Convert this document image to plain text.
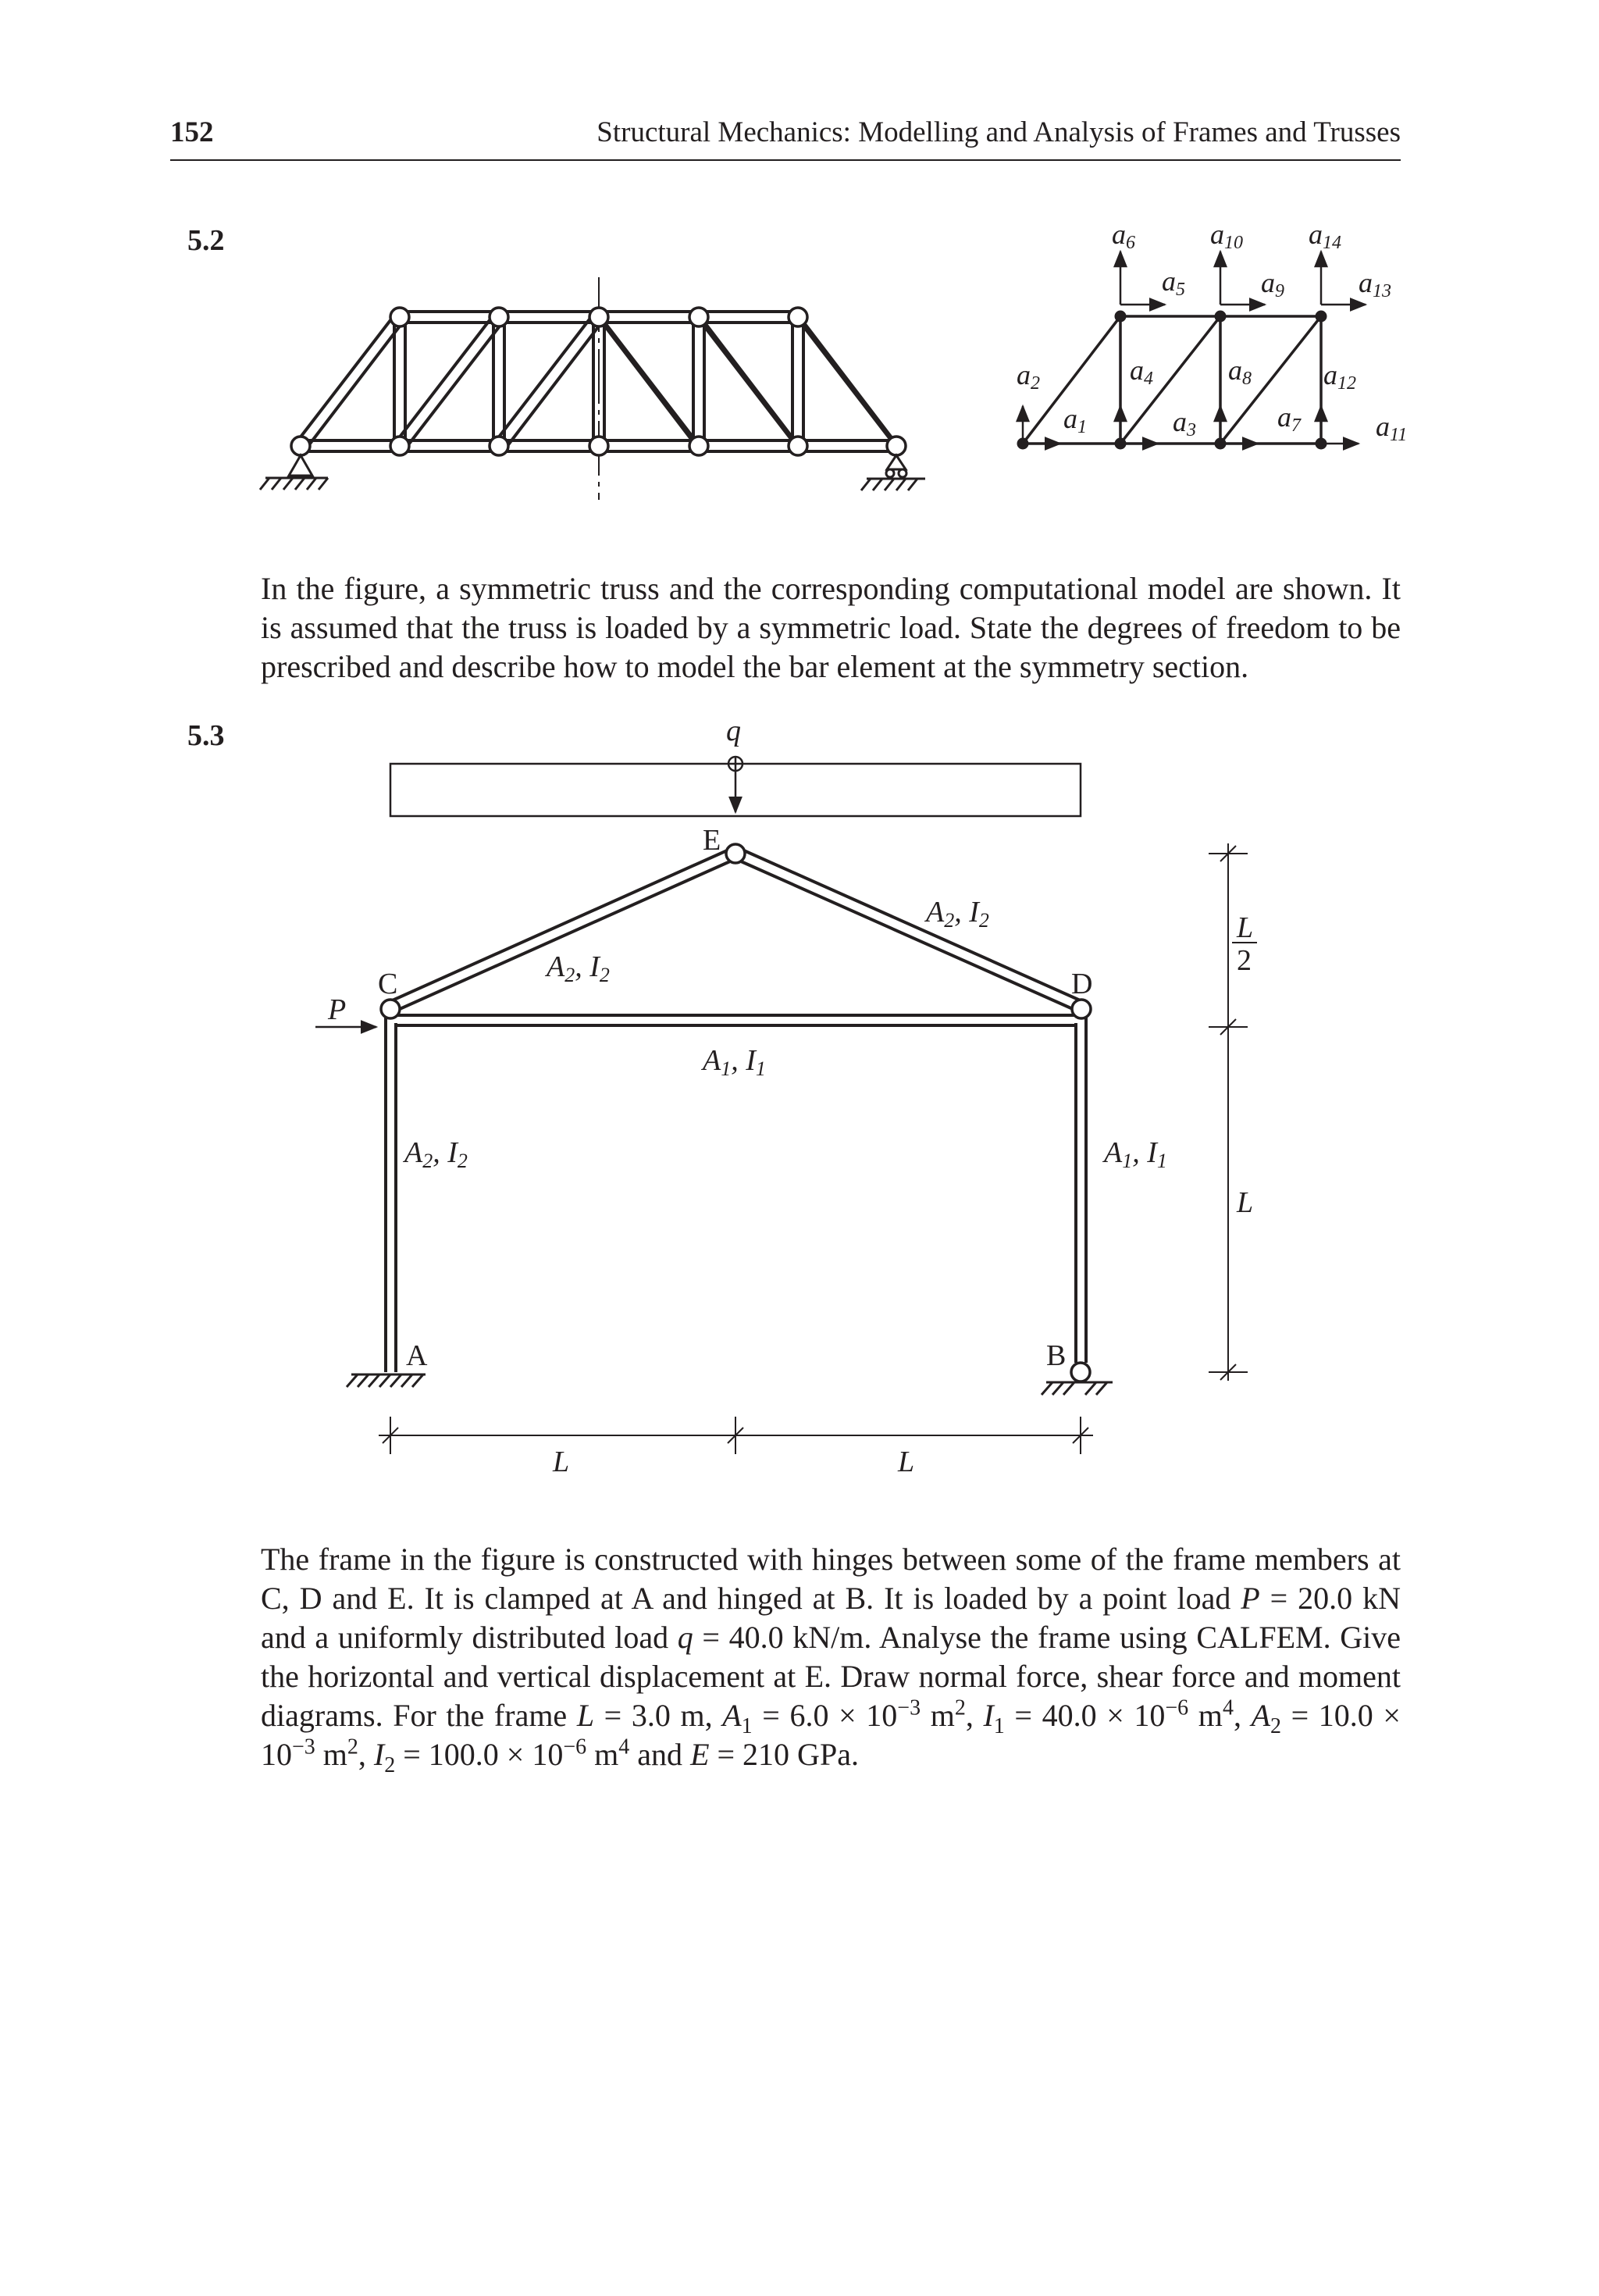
152	Structural Mechanics: Modelling and Analysis of Frames and Trusses
5.2
a1
a2
a3
a4
a5
a6
a7
a8
a9
a10
a11
a12
a13
a14
q
P
E
C	D
A	B
A2, I2
A2, I2
A1, I1
A2, I2	A1, I1
L
2
L
L	L

In the figure, a symmetric truss and the corresponding computational model are shown. It is assumed that the truss is loaded by a symmetric load. State the degrees of freedom to be prescribed and describe how to model the bar element at the symmetry section.

5.3

The frame in the figure is constructed with hinges between some of the frame members at C, D and E. It is clamped at A and hinged at B. It is loaded by a point load P = 20.0 kN and a uniformly distributed load q = 40.0 kN/m. Analyse the frame using CALFEM. Give the horizontal and vertical displacement at E. Draw normal force, shear force and moment diagrams. For the frame L = 3.0 m, $A_1 = 6.0 \times 10^{-3}$ $m^2$, $I_1 = 40.0 \times 10^{-6}$ $m^4$, $A_2 = 10.0 \times 10^{-3}$ $m^2$, $I_2 = 100.0 \times 10^{-6}$ $m^4$ and E = 210 GPa.
